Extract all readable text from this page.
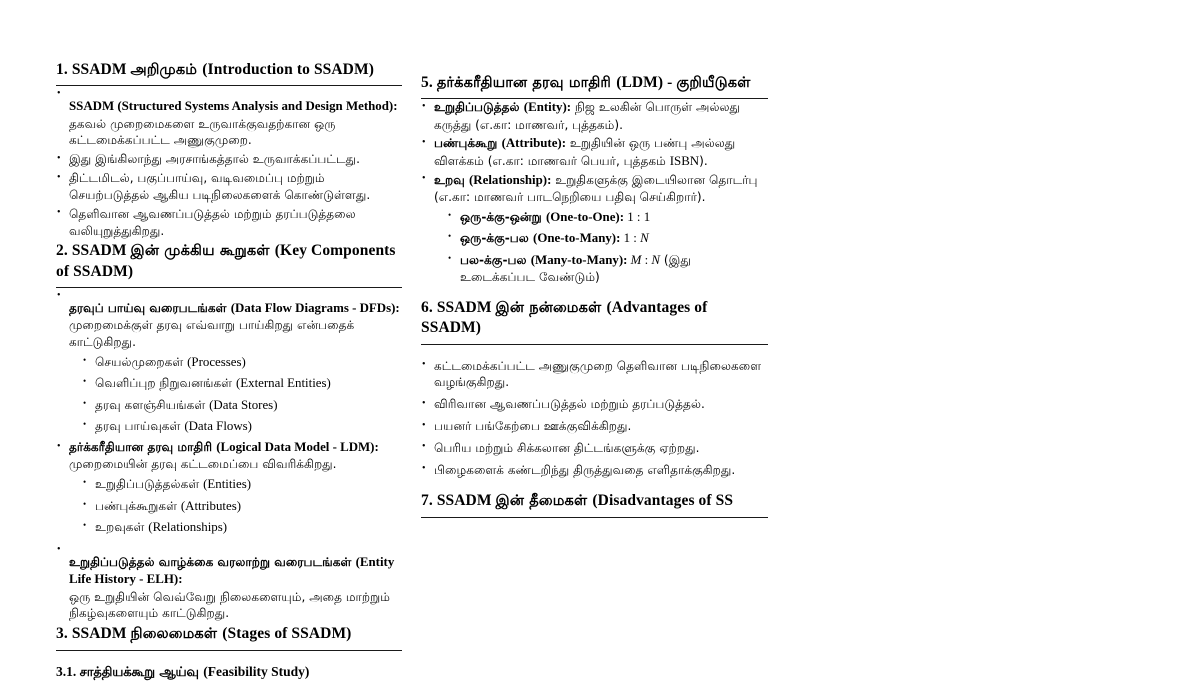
1. SSADM அறிமுகம் (Introduction to SSADM)
•
SSADM (Structured Systems Analysis and Design Method):
தகவல் முறைமைகளை உருவாக்குவதற்கான ஒரு கட்டமைக்கப்பட்ட அணுகுமுறை.
• இது இங்கிலாந்து அரசாங்கத்தால் உருவாக்கப்பட்டது.
• திட்டமிடல், பகுப்பாய்வு, வடிவமைப்பு மற்றும் செயற்படுத்தல் ஆகிய படிநிலைகளைக் கொண்டுள்ளது.
• தெளிவான ஆவணப்படுத்தல் மற்றும் தரப்படுத்தலை வலியுறுத்துகிறது.
2. SSADM இன் முக்கிய கூறுகள் (Key Components of SSADM)
•
தரவுப் பாய்வு வரைபடங்கள் (Data Flow Diagrams - DFDs):
முறைமைக்குள் தரவு எவ்வாறு பாய்கிறது என்பதைக் காட்டுகிறது.
• செயல்முறைகள் (Processes)
• வெளிப்புற நிறுவனங்கள் (External Entities)
• தரவு களஞ்சியங்கள் (Data Stores)
• தரவு பாய்வுகள் (Data Flows)
• தர்க்கரீதியான தரவு மாதிரி (Logical Data Model - LDM):
முறைமையின் தரவு கட்டமைப்பை விவரிக்கிறது.
• உறுதிப்படுத்தல்கள் (Entities)
• பண்புக்கூறுகள் (Attributes)
• உறவுகள் (Relationships)
•
உறுதிப்படுத்தல் வாழ்க்கை வரலாற்று வரைபடங்கள் (Entity Life History - ELH):
ஒரு உறுதியின் வெவ்வேறு நிலைகளையும், அதை மாற்றும் நிகழ்வுகளையும் காட்டுகிறது.
3. SSADM நிலைமைகள் (Stages of SSADM)
3.1. சாத்தியக்கூறு ஆய்வு (Feasibility Study)
5. தர்க்கரீதியான தரவு மாதிரி (LDM) - குறியீடுகள்
• உறுதிப்படுத்தல் (Entity): நிஜ உலகின் பொருள் அல்லது கருத்து (எ.கா: மாணவர், புத்தகம்).
• பண்புக்கூறு (Attribute): உறுதியின் ஒரு பண்பு அல்லது விளக்கம் (எ.கா: மாணவர் பெயர், புத்தகம் ISBN).
• உறவு (Relationship): உறுதிகளுக்கு இடையிலான தொடர்பு (எ.கா: மாணவர் பாடநெறியை பதிவு செய்கிறார்).
• ஒரு-க்கு-ஒன்று (One-to-One): 1 : 1
• ஒரு-க்கு-பல (One-to-Many): 1 : N
• பல-க்கு-பல (Many-to-Many): M : N (இது உடைக்கப்பட வேண்டும்)
6. SSADM இன் நன்மைகள் (Advantages of SSADM)
• கட்டமைக்கப்பட்ட அணுகுமுறை தெளிவான படிநிலைகளை வழங்குகிறது.
• விரிவான ஆவணப்படுத்தல் மற்றும் தரப்படுத்தல்.
• பயனர் பங்கேற்பை ஊக்குவிக்கிறது.
• பெரிய மற்றும் சிக்கலான திட்டங்களுக்கு ஏற்றது.
• பிழைகளைக் கண்டறிந்து திருத்துவதை எளிதாக்குகிறது.
7. SSADM இன் தீமைகள் (Disadvantages of SS
